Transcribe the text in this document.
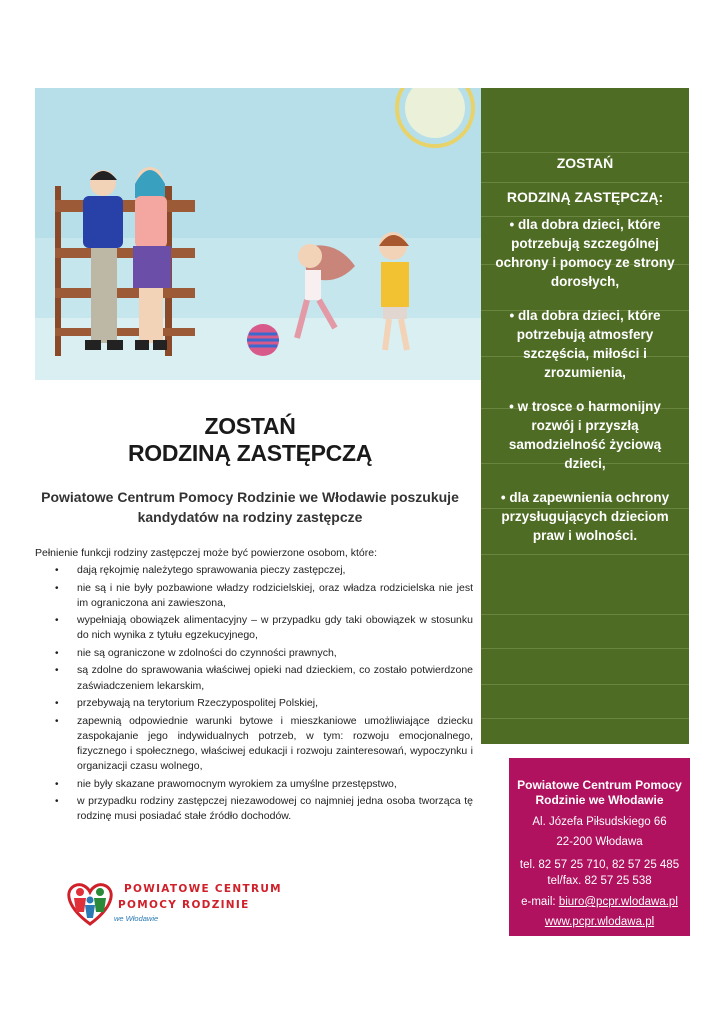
ZOSTAŃ

RODZINĄ ZASTĘPCZĄ:

• dla dobra dzieci, które potrzebują szczególnej ochrony i pomocy ze strony dorosłych,

• dla dobra dzieci, które potrzebują atmosfery szczęścia, miłości i zrozumienia,

• w trosce o harmonijny rozwój i przyszłą samodzielność życiową dzieci,

• dla zapewnienia ochrony przysługujących dzieciom praw i wolności.

ZOSTAŃ
RODZINĄ ZASTĘPCZĄ
Powiatowe Centrum Pomocy Rodzinie we Włodawie poszukuje kandydatów na rodziny zastępcze
Pełnienie funkcji rodziny zastępczej może być powierzone osobom, które:
• dają rękojmię należytego sprawowania pieczy zastępczej,
• nie są i nie były pozbawione władzy rodzicielskiej, oraz władza rodzicielska nie jest im ograniczona ani zawieszona,
• wypełniają obowiązek alimentacyjny – w przypadku gdy taki obowiązek w stosunku do nich wynika z tytułu egzekucyjnego,
• nie są ograniczone w zdolności do czynności prawnych,
• są zdolne do sprawowania właściwej opieki nad dzieckiem, co zostało potwierdzone zaświadczeniem lekarskim,
• przebywają na terytorium Rzeczypospolitej Polskiej,
• zapewnią odpowiednie warunki bytowe i mieszkaniowe umożliwiające dziecku zaspokajanie jego indywidualnych potrzeb, w tym: rozwoju emocjonalnego, fizycznego i społecznego, właściwej edukacji i rozwoju zainteresowań, wypoczynku i organizacji czasu wolnego,
• nie były skazane prawomocnym wyrokiem za umyślne przestępstwo,
• w przypadku rodziny zastępczej niezawodowej co najmniej jedna osoba tworząca tę rodzinę musi posiadać stałe źródło dochodów.
POWIATOWE CENTRUM
POMOCY RODZINIE
we Włodawie
Powiatowe Centrum Pomocy Rodzinie we Włodawie
Al. Józefa Piłsudskiego 66
22-200 Włodawa
tel. 82 57 25 710, 82 57 25 485
tel/fax. 82 57 25 538
e-mail: biuro@pcpr.wlodawa.pl
www.pcpr.wlodawa.pl
